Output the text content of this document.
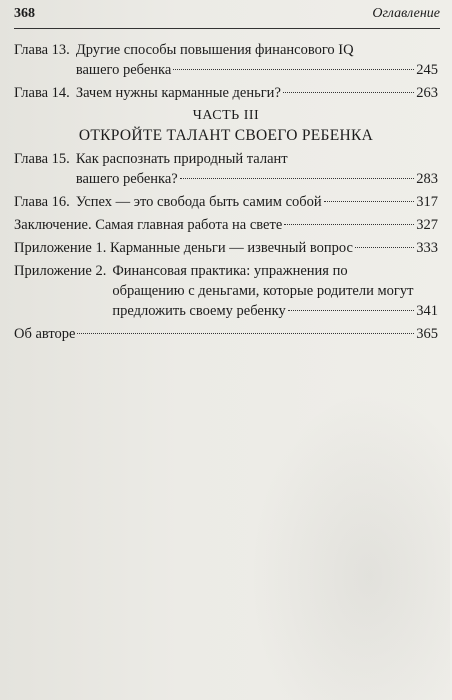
368	Оглавление
Глава 13. Другие способы повышения финансового IQ
вашего ребенка	245
Глава 14. Зачем нужны карманные деньги?	263
ЧАСТЬ III
ОТКРОЙТЕ ТАЛАНТ СВОЕГО РЕБЕНКА
Глава 15. Как распознать природный талант
вашего ребенка?	283
Глава 16. Успех — это свобода быть самим собой	317
Заключение. Самая главная работа на свете	327
Приложение 1. Карманные деньги — извечный вопрос	333
Приложение 2. Финансовая практика: упражнения по
обращению с деньгами, которые родители могут
предложить своему ребенку	341
Об авторе	365
